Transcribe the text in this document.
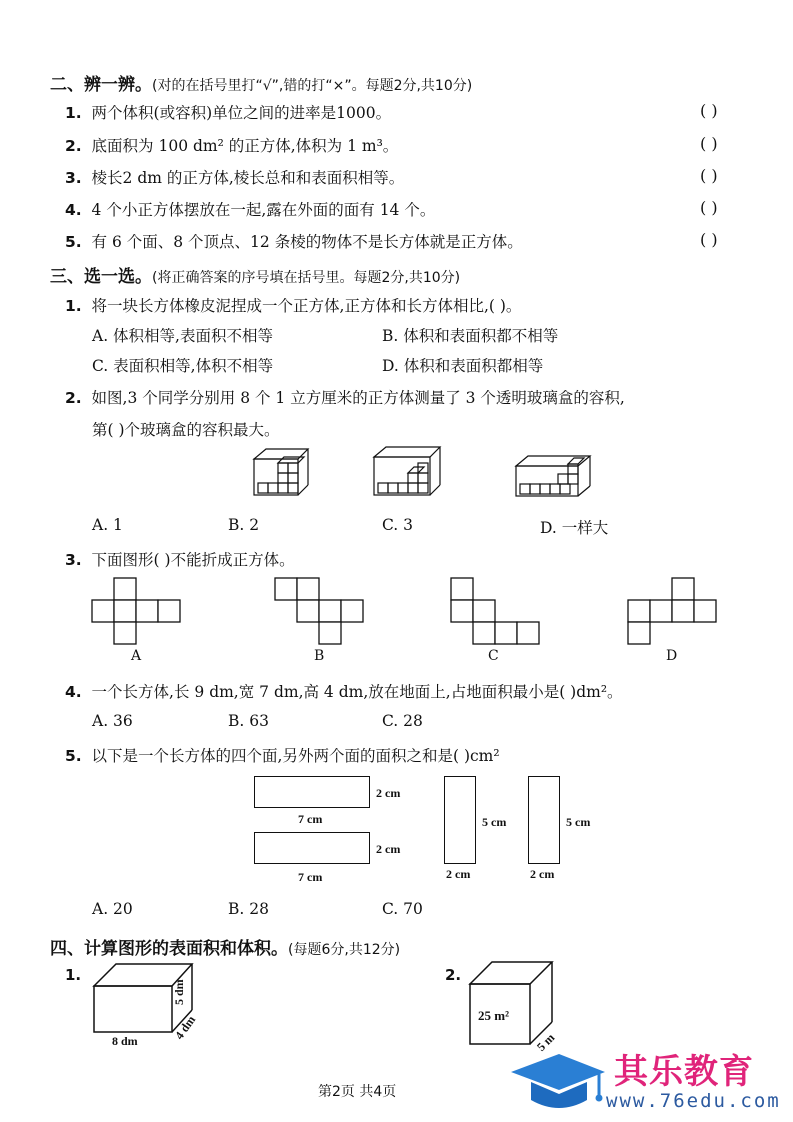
二、辨一辨。(对的在括号里打“√”,错的打“×”。每题2分,共10分)
1. 两个体积(或容积)单位之间的进率是1000。	( )
2. 底面积为 100 dm² 的正方体,体积为 1 m³。	( )
3. 棱长2 dm 的正方体,棱长总和和表面积相等。	( )
4. 4 个小正方体摆放在一起,露在外面的面有 14 个。	( )
5. 有 6 个面、8 个顶点、12 条棱的物体不是长方体就是正方体。	( )
三、选一选。(将正确答案的序号填在括号里。每题2分,共10分)
1. 将一块长方体橡皮泥捏成一个正方体,正方体和长方体相比,( )。
A. 体积相等,表面积不相等	B. 体积和表面积都不相等
C. 表面积相等,体积不相等	D. 体积和表面积都相等
2. 如图,3 个同学分别用 8 个 1 立方厘米的正方体测量了 3 个透明玻璃盒的容积,
第( )个玻璃盒的容积最大。
A. 1	B. 2	C. 3	D. 一样大
3. 下面图形( )不能折成正方体。
A	B	C	D
4. 一个长方体,长 9 dm,宽 7 dm,高 4 dm,放在地面上,占地面积最小是( )dm²。
A. 36	B. 63	C. 28
5. 以下是一个长方体的四个面,另外两个面的面积之和是( )cm²
2 cm
7 cm
2 cm
7 cm
5 cm
2 cm
5 cm
2 cm
A. 20	B. 28	C. 70
四、计算图形的表面积和体积。(每题6分,共12分)
1.
8 dm
5 dm
4 dm
2.
25 m²
5 m
第2页 共4页	其乐教育
www.76edu.com
